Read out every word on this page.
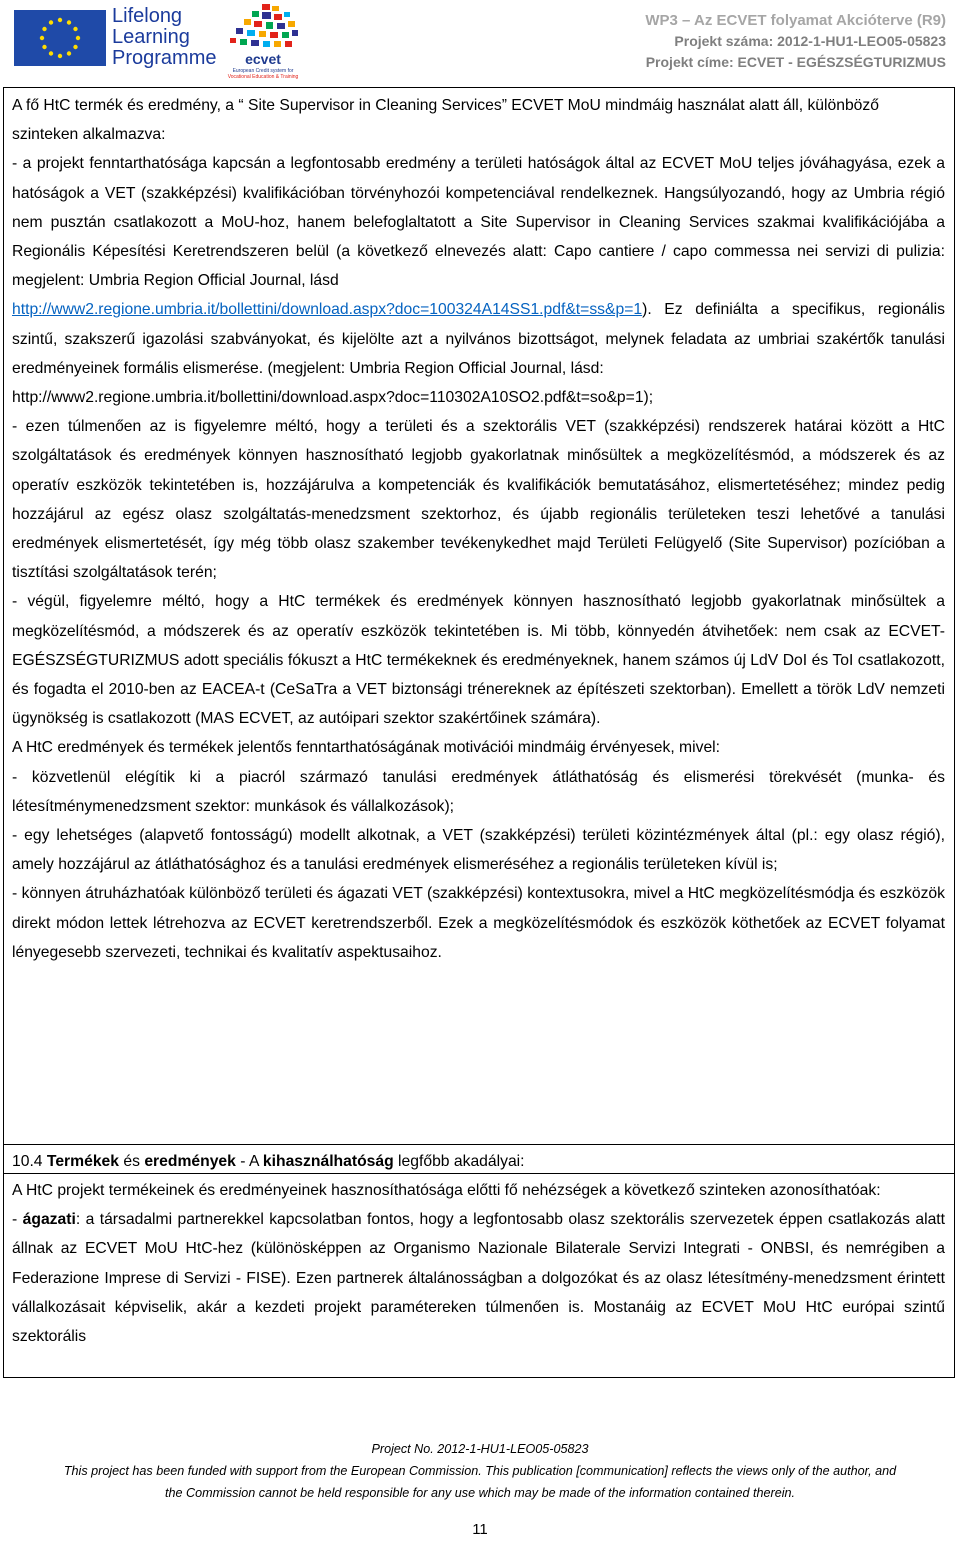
Lifelong
Learning
Programme ecvet
European Credit system for
Vocational Education & Training
WP3 – Az ECVET folyamat Akcióterve (R9)
Projekt száma: 2012-1-HU1-LEO05-05823
Projekt címe: ECVET - EGÉSZSÉGTURIZMUS

A fő HtC termék és eredmény, a “ Site Supervisor in Cleaning Services” ECVET MoU mindmáig használat alatt áll, különböző szinteken alkalmazva:

- a projekt fenntarthatósága kapcsán a legfontosabb eredmény a területi hatóságok által az ECVET MoU teljes jóváhagyása, ezek a hatóságok a VET (szakképzési) kvalifikációban törvényhozói kompetenciával rendelkeznek. Hangsúlyozandó, hogy az Umbria régió nem pusztán csatlakozott a MoU-hoz, hanem belefoglaltatott a Site Supervisor in Cleaning Services szakmai kvalifikációjába a Regionális Képesítési Keretrendszeren belül (a következő elnevezés alatt: Capo cantiere / capo commessa nei servizi di pulizia: megjelent: Umbria Region Official Journal, lásd
http://www2.regione.umbria.it/bollettini/download.aspx?doc=100324A14SS1.pdf&t=ss&p=1). Ez definiálta a specifikus, regionális szintű, szakszerű igazolási szabványokat, és kijelölte azt a nyilvános bizottságot, melynek feladata az umbriai szakértők tanulási eredményeinek formális elismerése. (megjelent: Umbria Region Official Journal, lásd:

http://www2.regione.umbria.it/bollettini/download.aspx?doc=110302A10SO2.pdf&t=so&p=1);

- ezen túlmenően az is figyelemre méltó, hogy a területi és a szektorális VET (szakképzési) rendszerek határai között a HtC szolgáltatások és eredmények könnyen hasznosítható legjobb gyakorlatnak minősültek a megközelítésmód, a módszerek és az operatív eszközök tekintetében is, hozzájárulva a kompetenciák és kvalifikációk bemutatásához, elismertetéséhez; mindez pedig hozzájárul az egész olasz szolgáltatás-menedzsment szektorhoz, és újabb regionális területeken teszi lehetővé a tanulási eredmények elismertetését, így még több olasz szakember tevékenykedhet majd Területi Felügyelő (Site Supervisor) pozícióban a tisztítási szolgáltatások terén;

- végül, figyelemre méltó, hogy a HtC termékek és eredmények könnyen hasznosítható legjobb gyakorlatnak minősültek a megközelítésmód, a módszerek és az operatív eszközök tekintetében is. Mi több, könnyedén átvihetőek: nem csak az ECVET-EGÉSZSÉGTURIZMUS adott speciális fókuszt a HtC termékeknek és eredményeknek, hanem számos új LdV DoI és ToI csatlakozott, és fogadta el 2010-ben az EACEA-t (CeSaTra a VET biztonsági trénereknek az építészeti szektorban). Emellett a török LdV nemzeti ügynökség is csatlakozott (MAS ECVET, az autóipari szektor szakértőinek számára).

A HtC eredmények és termékek jelentős fenntarthatóságának motivációi mindmáig érvényesek, mivel:

- közvetlenül elégítik ki a piacról származó tanulási eredmények átláthatóság és elismerési törekvését (munka- és létesítménymenedzsment szektor: munkások és vállalkozások);

- egy lehetséges (alapvető fontosságú) modellt alkotnak, a VET (szakképzési) területi közintézmények által (pl.: egy olasz régió), amely hozzájárul az átláthatósághoz és a tanulási eredmények elismeréséhez a regionális területeken kívül is;

- könnyen átruházhatóak különböző területi és ágazati VET (szakképzési) kontextusokra, mivel a HtC megközelítésmódja és eszközök direkt módon lettek létrehozva az ECVET keretrendszerből. Ezek a megközelítésmódok és eszközök köthetőek az ECVET folyamat lényegesebb szervezeti, technikai és kvalitatív aspektusaihoz.

10.4 Termékek és eredmények - A kihasználhatóság legfőbb akadályai:

A HtC projekt termékeinek és eredményeinek hasznosíthatósága előtti fő nehézségek a következő szinteken azonosíthatóak:

- ágazati: a társadalmi partnerekkel kapcsolatban fontos, hogy a legfontosabb olasz szektorális szervezetek éppen csatlakozás alatt állnak az ECVET MoU HtC-hez (különösképpen az Organismo Nazionale Bilaterale Servizi Integrati - ONBSI, és nemrégiben a Federazione Imprese di Servizi - FISE). Ezen partnerek általánosságban a dolgozókat és az olasz létesítmény-menedzsment érintett vállalkozásait képviselik, akár a kezdeti projekt paramétereken túlmenően is. Mostanáig az ECVET MoU HtC európai szintű szektorális

Project No. 2012-1-HU1-LEO05-05823
This project has been funded with support from the European Commission. This publication [communication] reflects the views only of the author, and
the Commission cannot be held responsible for any use which may be made of the information contained therein.
11
